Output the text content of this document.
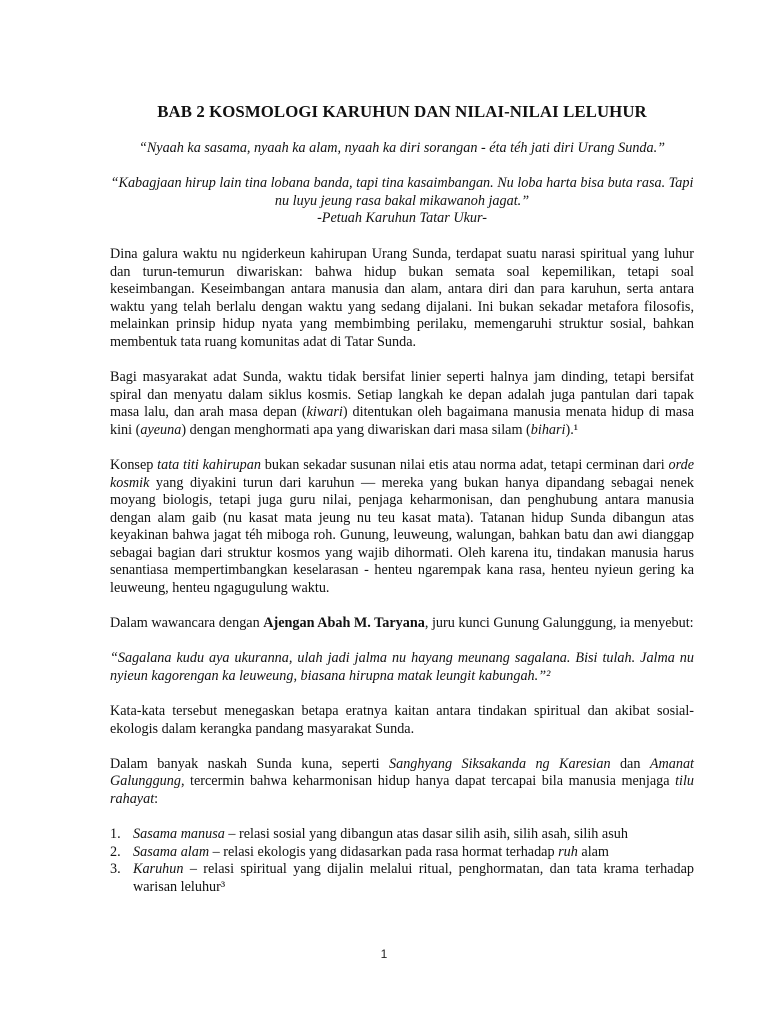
BAB 2 KOSMOLOGI KARUHUN DAN NILAI-NILAI LELUHUR

“Nyaah ka sasama, nyaah ka alam, nyaah ka diri sorangan - éta téh jati diri Urang Sunda.”

“Kabagjaan hirup lain tina lobana banda, tapi tina kasaimbangan. Nu loba harta bisa buta rasa. Tapi nu luyu jeung rasa bakal mikawanoh jagat.”

-Petuah Karuhun Tatar Ukur-

Dina galura waktu nu ngiderkeun kahirupan Urang Sunda, terdapat suatu narasi spiritual yang luhur dan turun-temurun diwariskan: bahwa hidup bukan semata soal kepemilikan, tetapi soal keseimbangan. Keseimbangan antara manusia dan alam, antara diri dan para karuhun, serta antara waktu yang telah berlalu dengan waktu yang sedang dijalani. Ini bukan sekadar metafora filosofis, melainkan prinsip hidup nyata yang membimbing perilaku, memengaruhi struktur sosial, bahkan membentuk tata ruang komunitas adat di Tatar Sunda.

Bagi masyarakat adat Sunda, waktu tidak bersifat linier seperti halnya jam dinding, tetapi bersifat spiral dan menyatu dalam siklus kosmis. Setiap langkah ke depan adalah juga pantulan dari tapak masa lalu, dan arah masa depan (kiwari) ditentukan oleh bagaimana manusia menata hidup di masa kini (ayeuna) dengan menghormati apa yang diwariskan dari masa silam (bihari).¹

Konsep tata titi kahirupan bukan sekadar susunan nilai etis atau norma adat, tetapi cerminan dari orde kosmik yang diyakini turun dari karuhun — mereka yang bukan hanya dipandang sebagai nenek moyang biologis, tetapi juga guru nilai, penjaga keharmonisan, dan penghubung antara manusia dengan alam gaib (nu kasat mata jeung nu teu kasat mata). Tatanan hidup Sunda dibangun atas keyakinan bahwa jagat téh miboga roh. Gunung, leuweung, walungan, bahkan batu dan awi dianggap sebagai bagian dari struktur kosmos yang wajib dihormati. Oleh karena itu, tindakan manusia harus senantiasa mempertimbangkan keselarasan - henteu ngarempak kana rasa, henteu nyieun gering ka leuweung, henteu ngagugulung waktu.

Dalam wawancara dengan Ajengan Abah M. Taryana, juru kunci Gunung Galunggung, ia menyebut:

“Sagalana kudu aya ukuranna, ulah jadi jalma nu hayang meunang sagalana. Bisi tulah. Jalma nu nyieun kagorengan ka leuweung, biasana hirupna matak leungit kabungah.”²

Kata-kata tersebut menegaskan betapa eratnya kaitan antara tindakan spiritual dan akibat sosial-ekologis dalam kerangka pandang masyarakat Sunda.

Dalam banyak naskah Sunda kuna, seperti Sanghyang Siksakanda ng Karesian dan Amanat Galunggung, tercermin bahwa keharmonisan hidup hanya dapat tercapai bila manusia menjaga tilu rahayat:

1. Sasama manusa – relasi sosial yang dibangun atas dasar silih asih, silih asah, silih asuh
2. Sasama alam – relasi ekologis yang didasarkan pada rasa hormat terhadap ruh alam
3. Karuhun – relasi spiritual yang dijalin melalui ritual, penghormatan, dan tata krama terhadap warisan leluhur³
1
